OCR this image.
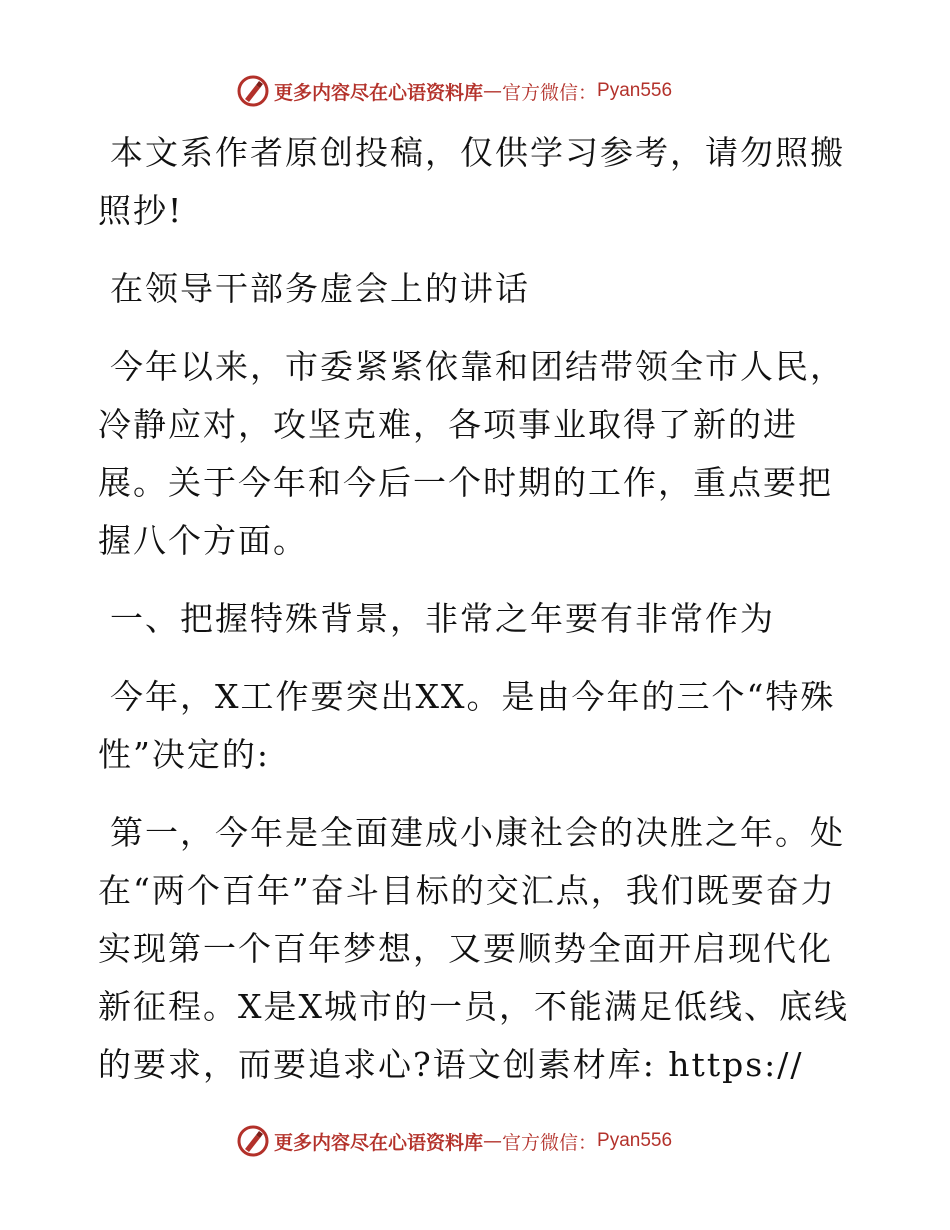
更多内容尽在心语资料库 — 官方微信： Pyan556

本文系作者原创投稿，仅供学习参考，请勿照搬照抄!

在领导干部务虚会上的讲话

今年以来，市委紧紧依靠和团结带领全市人民，冷静应对，攻坚克难，各项事业取得了新的进展。关于今年和今后一个时期的工作，重点要把握八个方面。

一、把握特殊背景，非常之年要有非常作为

今年，X工作要突出XX。是由今年的三个“特殊性”决定的:

第一，今年是全面建成小康社会的决胜之年。处在“两个百年”奋斗目标的交汇点，我们既要奋力实现第一个百年梦想，又要顺势全面开启现代化新征程。X是X城市的一员，不能满足低线、底线的要求，而要追求心?语文创素材库: https://

更多内容尽在心语资料库 — 官方微信： Pyan556
